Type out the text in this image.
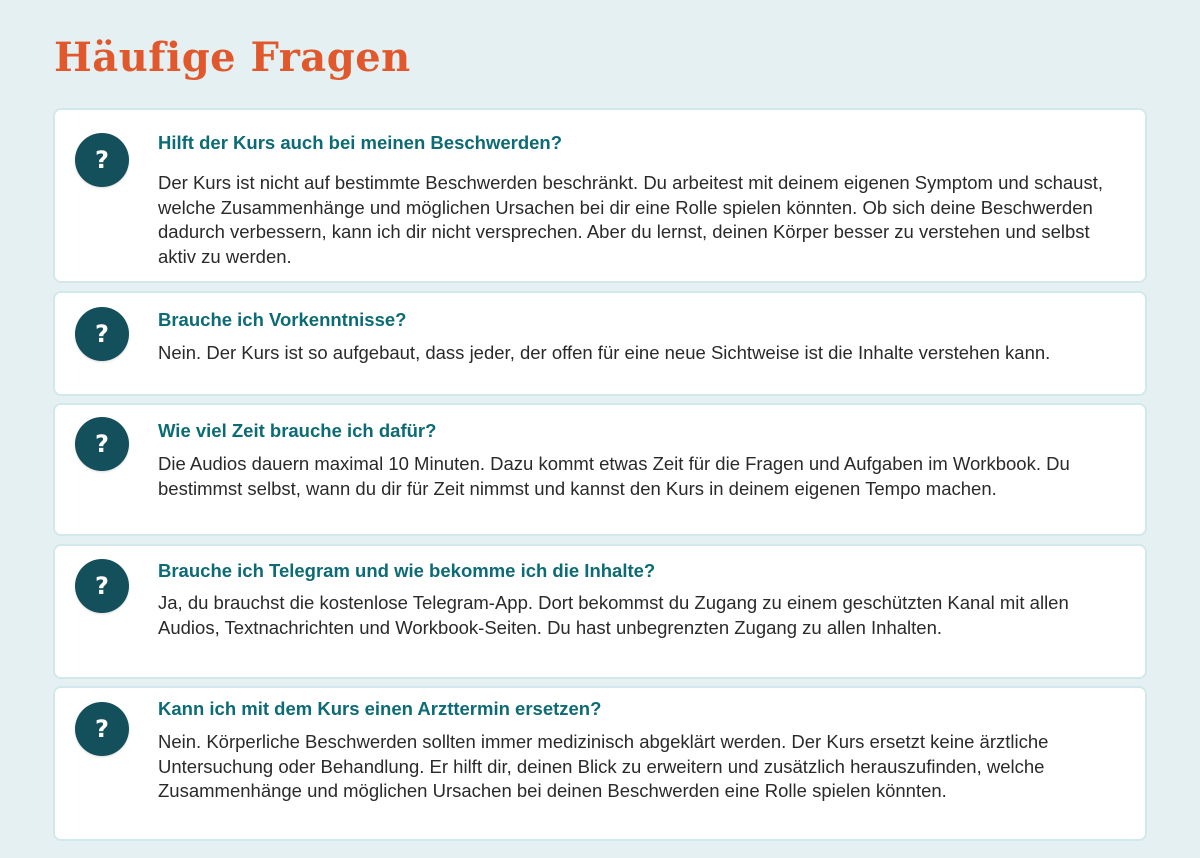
Häufige Fragen
?
Hilft der Kurs auch bei meinen Beschwerden?

Der Kurs ist nicht auf bestimmte Beschwerden beschränkt. Du arbeitest mit deinem eigenen Symptom und schaust, welche Zusammenhänge und möglichen Ursachen bei dir eine Rolle spielen könnten. Ob sich deine Beschwerden dadurch verbessern, kann ich dir nicht versprechen. Aber du lernst, deinen Körper besser zu verstehen und selbst aktiv zu werden.

?
Brauche ich Vorkenntnisse?

Nein. Der Kurs ist so aufgebaut, dass jeder, der offen für eine neue Sichtweise ist die Inhalte verstehen kann.

?	Wie viel Zeit brauche ich dafür?

Die Audios dauern maximal 10 Minuten. Dazu kommt etwas Zeit für die Fragen und Aufgaben im Workbook. Du bestimmst selbst, wann du dir für Zeit nimmst und kannst den Kurs in deinem eigenen Tempo machen.

?
Brauche ich Telegram und wie bekomme ich die Inhalte?

Ja, du brauchst die kostenlose Telegram-App. Dort bekommst du Zugang zu einem geschützten Kanal mit allen Audios, Textnachrichten und Workbook-Seiten. Du hast unbegrenzten Zugang zu allen Inhalten.

?
Kann ich mit dem Kurs einen Arzttermin ersetzen?

Nein. Körperliche Beschwerden sollten immer medizinisch abgeklärt werden. Der Kurs ersetzt keine ärztliche Untersuchung oder Behandlung. Er hilft dir, deinen Blick zu erweitern und zusätzlich herauszufinden, welche Zusammenhänge und möglichen Ursachen bei deinen Beschwerden eine Rolle spielen könnten.
